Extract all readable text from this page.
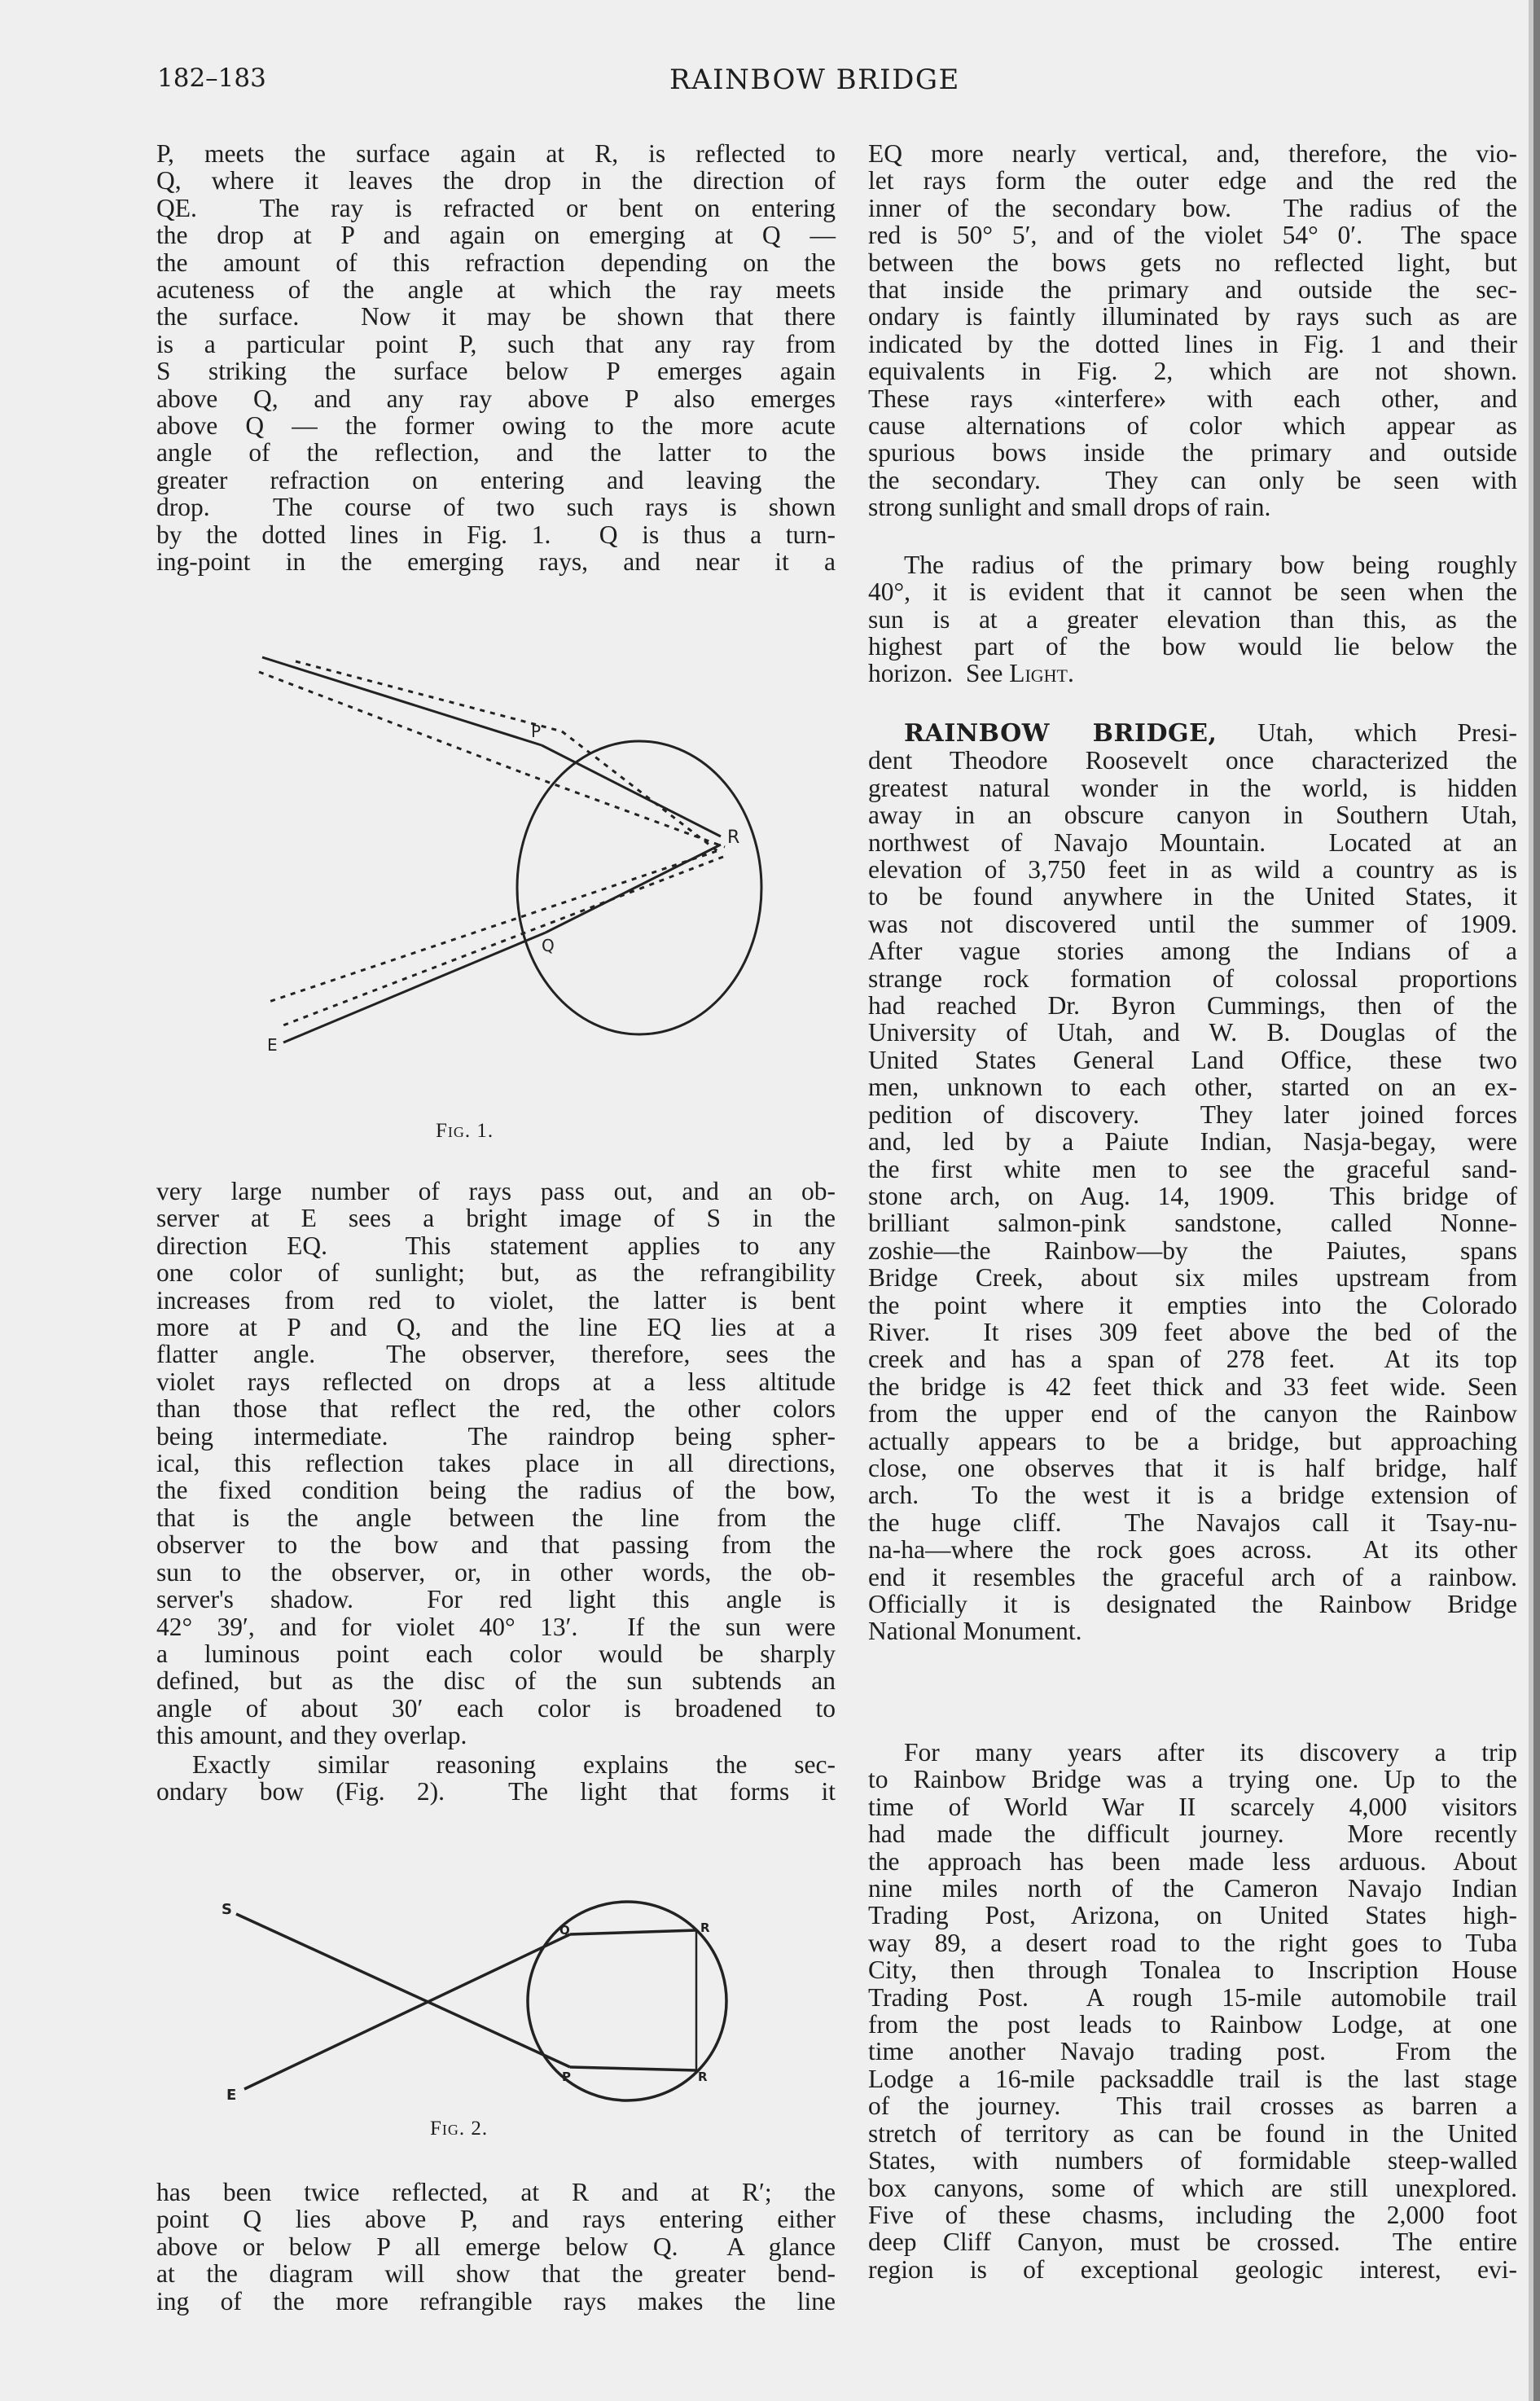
182–183	RAINBOW BRIDGE
P, meets the surface again at R, is reflected to
Q, where it leaves the drop in the direction of
QE.  The ray is refracted or bent on entering
the drop at P and again on emerging at Q —
the amount of this refraction depending on the
acuteness of the angle at which the ray meets
the surface.  Now it may be shown that there
is a particular point P, such that any ray from
S striking the surface below P emerges again
above Q, and any ray above P also emerges
above Q — the former owing to the more acute
angle of the reflection, and the latter to the
greater refraction on entering and leaving the
drop.  The course of two such rays is shown
by the dotted lines in Fig. 1.  Q is thus a turn-
ing-point in the emerging rays, and near it a
P
R
Q
E
Fig. 1.
very large number of rays pass out, and an ob-
server at E sees a bright image of S in the
direction EQ.  This statement applies to any
one color of sunlight; but, as the refrangibility
increases from red to violet, the latter is bent
more at P and Q, and the line EQ lies at a
flatter angle.  The observer, therefore, sees the
violet rays reflected on drops at a less altitude
than those that reflect the red, the other colors
being intermediate.  The raindrop being spher-
ical, this reflection takes place in all directions,
the fixed condition being the radius of the bow,
that is the angle between the line from the
observer to the bow and that passing from the
sun to the observer, or, in other words, the ob-
server's shadow.  For red light this angle is
42° 39′, and for violet 40° 13′.  If the sun were
a luminous point each color would be sharply
defined, but as the disc of the sun subtends an
angle of about 30′ each color is broadened to
this amount, and they overlap.
Exactly similar reasoning explains the sec-
ondary bow (Fig. 2).  The light that forms it
S
E
Q	R
P	R
Fig. 2.
has been twice reflected, at R and at R′; the
point Q lies above P, and rays entering either
above or below P all emerge below Q.  A glance
at the diagram will show that the greater bend-
ing of the more refrangible rays makes the line
EQ more nearly vertical, and, therefore, the vio-
let rays form the outer edge and the red the
inner of the secondary bow.  The radius of the
red is 50° 5′, and of the violet 54° 0′.  The space
between the bows gets no reflected light, but
that inside the primary and outside the sec-
ondary is faintly illuminated by rays such as are
indicated by the dotted lines in Fig. 1 and their
equivalents in Fig. 2, which are not shown.
These rays «interfere» with each other, and
cause alternations of color which appear as
spurious bows inside the primary and outside
the secondary.  They can only be seen with
strong sunlight and small drops of rain.
The radius of the primary bow being roughly
40°, it is evident that it cannot be seen when the
sun is at a greater elevation than this, as the
highest part of the bow would lie below the
horizon.  See Light.
RAINBOW BRIDGE, Utah, which Presi-
dent Theodore Roosevelt once characterized the
greatest natural wonder in the world, is hidden
away in an obscure canyon in Southern Utah,
northwest of Navajo Mountain.  Located at an
elevation of 3,750 feet in as wild a country as is
to be found anywhere in the United States, it
was not discovered until the summer of 1909.
After vague stories among the Indians of a
strange rock formation of colossal proportions
had reached Dr. Byron Cummings, then of the
University of Utah, and W. B. Douglas of the
United States General Land Office, these two
men, unknown to each other, started on an ex-
pedition of discovery.  They later joined forces
and, led by a Paiute Indian, Nasja-begay, were
the first white men to see the graceful sand-
stone arch, on Aug. 14, 1909.  This bridge of
brilliant salmon-pink sandstone, called Nonne-
zoshie—the Rainbow—by the Paiutes, spans
Bridge Creek, about six miles upstream from
the point where it empties into the Colorado
River.  It rises 309 feet above the bed of the
creek and has a span of 278 feet.  At its top
the bridge is 42 feet thick and 33 feet wide. Seen
from the upper end of the canyon the Rainbow
actually appears to be a bridge, but approaching
close, one observes that it is half bridge, half
arch.  To the west it is a bridge extension of
the huge cliff.  The Navajos call it Tsay-nu-
na-ha—where the rock goes across.  At its other
end it resembles the graceful arch of a rainbow.
Officially it is designated the Rainbow Bridge
National Monument.
For many years after its discovery a trip
to Rainbow Bridge was a trying one. Up to the
time of World War II scarcely 4,000 visitors
had made the difficult journey.  More recently
the approach has been made less arduous. About
nine miles north of the Cameron Navajo Indian
Trading Post, Arizona, on United States high-
way 89, a desert road to the right goes to Tuba
City, then through Tonalea to Inscription House
Trading Post.  A rough 15-mile automobile trail
from the post leads to Rainbow Lodge, at one
time another Navajo trading post.  From the
Lodge a 16-mile packsaddle trail is the last stage
of the journey.  This trail crosses as barren a
stretch of territory as can be found in the United
States, with numbers of formidable steep-walled
box canyons, some of which are still unexplored.
Five of these chasms, including the 2,000 foot
deep Cliff Canyon, must be crossed.  The entire
region is of exceptional geologic interest, evi-
